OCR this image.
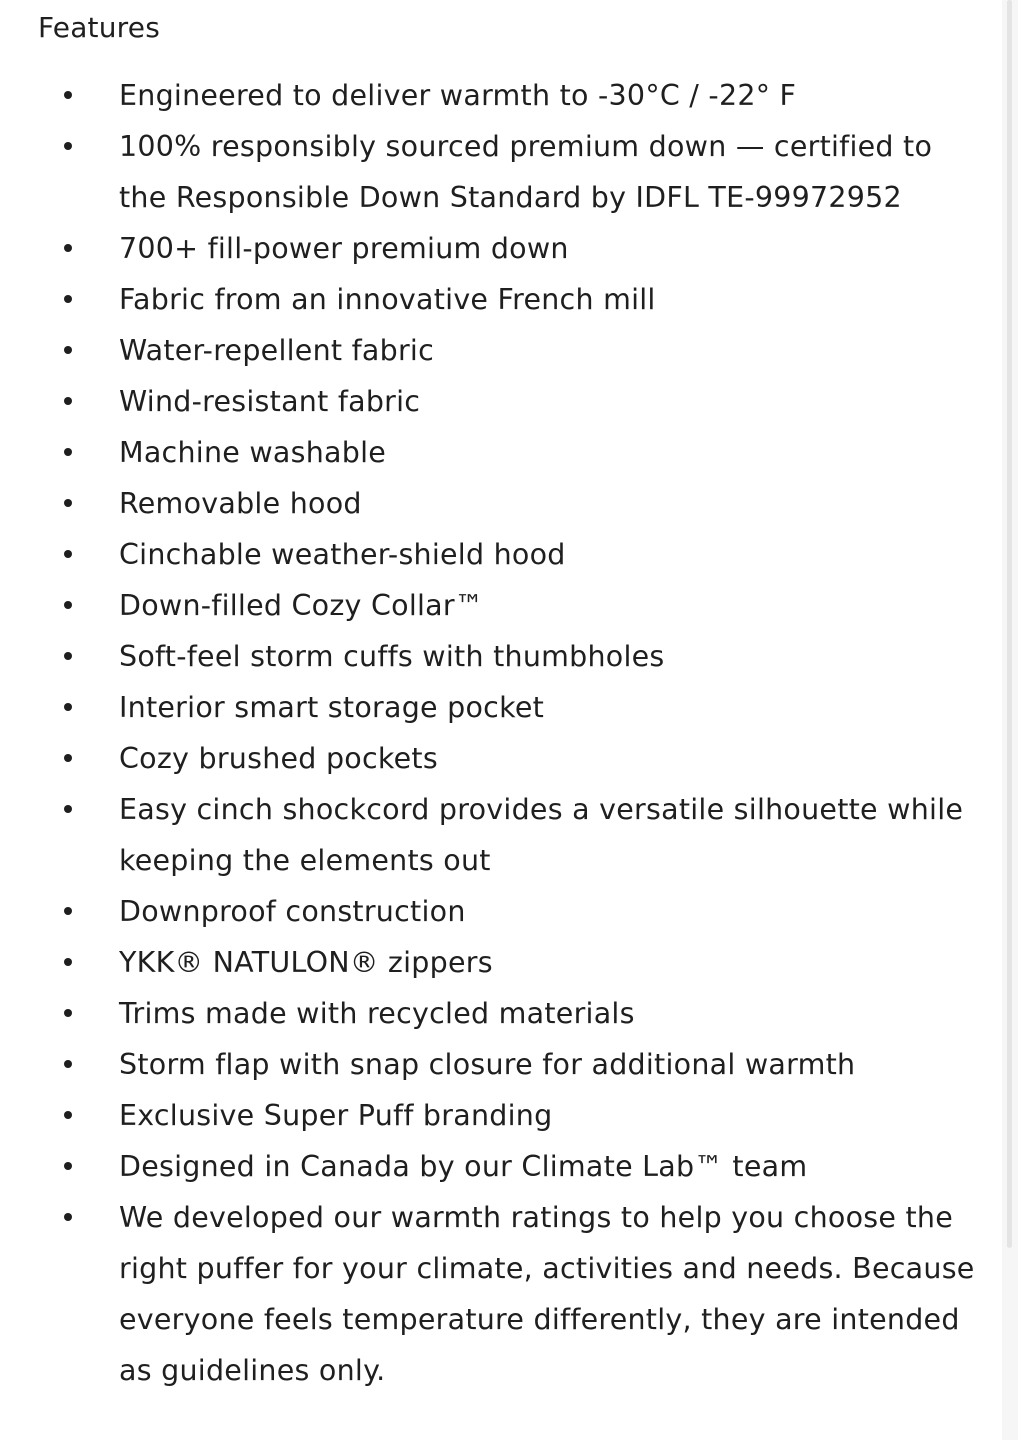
Features
Engineered to deliver warmth to -30°C / -22° F
100% responsibly sourced premium down — certified to the Responsible Down Standard by IDFL TE-99972952
700+ fill-power premium down
Fabric from an innovative French mill
Water-repellent fabric
Wind-resistant fabric
Machine washable
Removable hood
Cinchable weather-shield hood
Down-filled Cozy Collar™
Soft-feel storm cuffs with thumbholes
Interior smart storage pocket
Cozy brushed pockets
Easy cinch shockcord provides a versatile silhouette while keeping the elements out
Downproof construction
YKK® NATULON® zippers
Trims made with recycled materials
Storm flap with snap closure for additional warmth
Exclusive Super Puff branding
Designed in Canada by our Climate Lab™ team
We developed our warmth ratings to help you choose the right puffer for your climate, activities and needs. Because everyone feels temperature differently, they are intended as guidelines only.
